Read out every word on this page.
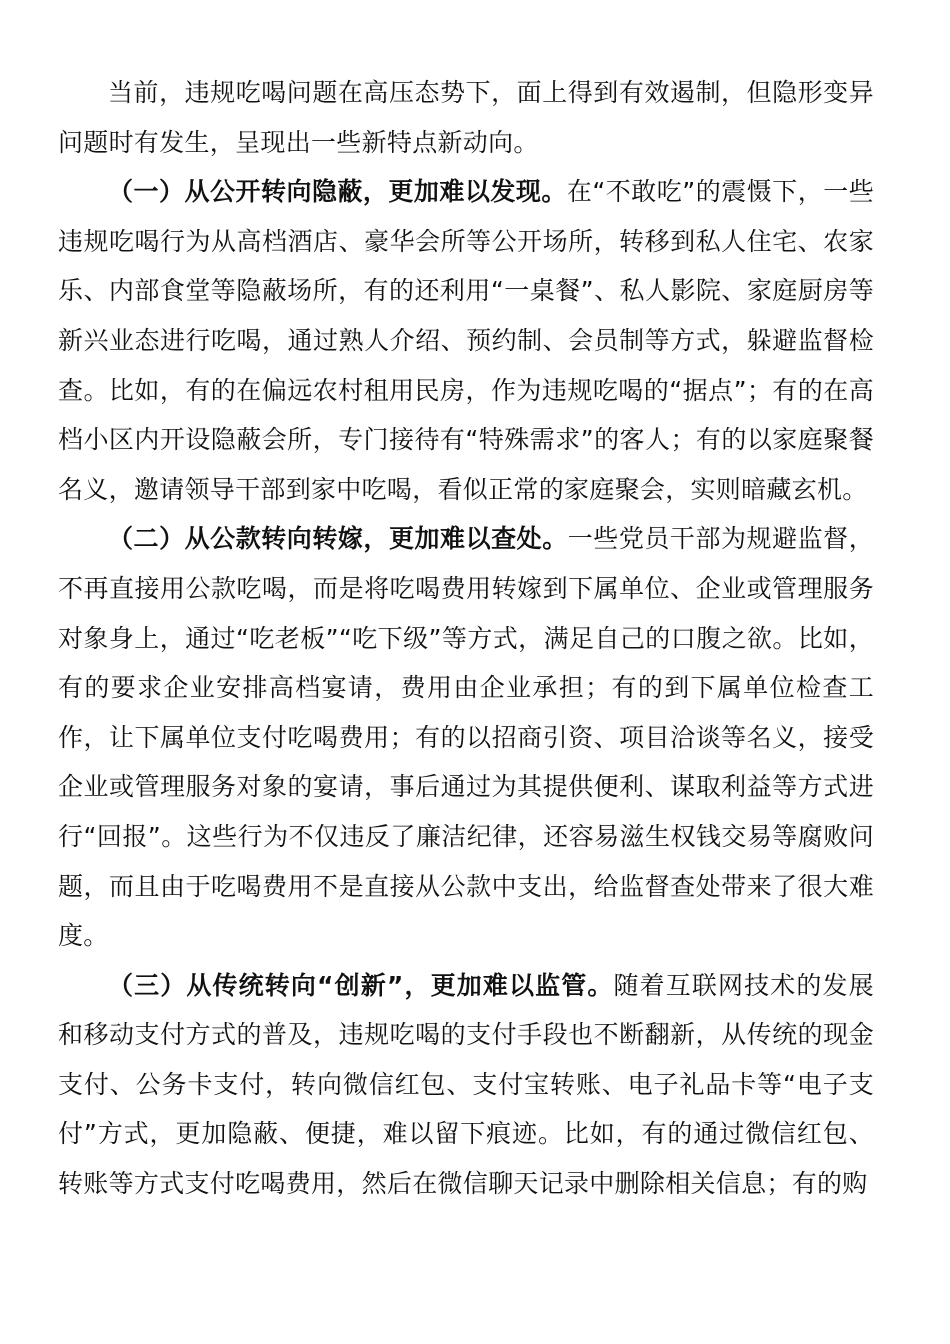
当前，违规吃喝问题在高压态势下，面上得到有效遏制，但隐形变异问题时有发生，呈现出一些新特点新动向。

（一）从公开转向隐蔽，更加难以发现。在“不敢吃”的震慑下，一些违规吃喝行为从高档酒店、豪华会所等公开场所，转移到私人住宅、农家乐、内部食堂等隐蔽场所，有的还利用“一桌餐”、私人影院、家庭厨房等新兴业态进行吃喝，通过熟人介绍、预约制、会员制等方式，躲避监督检查。比如，有的在偏远农村租用民房，作为违规吃喝的“据点”；有的在高档小区内开设隐蔽会所，专门接待有“特殊需求”的客人；有的以家庭聚餐名义，邀请领导干部到家中吃喝，看似正常的家庭聚会，实则暗藏玄机。

（二）从公款转向转嫁，更加难以查处。一些党员干部为规避监督，不再直接用公款吃喝，而是将吃喝费用转嫁到下属单位、企业或管理服务对象身上，通过“吃老板”“吃下级”等方式，满足自己的口腹之欲。比如，有的要求企业安排高档宴请，费用由企业承担；有的到下属单位检查工作，让下属单位支付吃喝费用；有的以招商引资、项目洽谈等名义，接受企业或管理服务对象的宴请，事后通过为其提供便利、谋取利益等方式进行“回报”。这些行为不仅违反了廉洁纪律，还容易滋生权钱交易等腐败问题，而且由于吃喝费用不是直接从公款中支出，给监督查处带来了很大难度。

（三）从传统转向“创新”，更加难以监管。随着互联网技术的发展和移动支付方式的普及，违规吃喝的支付手段也不断翻新，从传统的现金支付、公务卡支付，转向微信红包、支付宝转账、电子礼品卡等“电子支付”方式，更加隐蔽、便捷，难以留下痕迹。比如，有的通过微信红包、转账等方式支付吃喝费用，然后在微信聊天记录中删除相关信息；有的购
